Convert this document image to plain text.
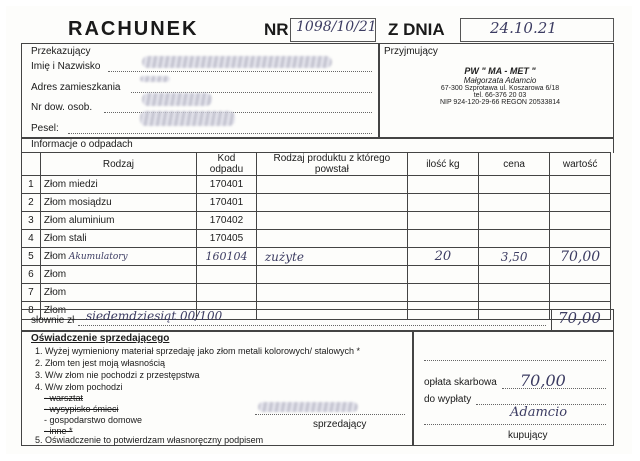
RACHUNEK	NR 1098/10/21 Z DNIA	24.10.21
Przekazujący
Imię i Nazwisko
Adres zamieszkania
Nr dow. osob.
Pesel:
Przyjmujący
PW " MA - MET "
Małgorzata Adamcio
67-300 Szprotawa ul. Koszarowa 6/18
tel. 66-376 20 03
NIP 924-120-29-66 REGON 20533814
Informacje o odpadach
	Rodzaj	Kod odpadu	Rodzaj produktu z którego powstał	ilość kg	cena	wartość
1	Złom miedzi	170401				
2	Złom mosiądzu	170401				
3	Złom aluminium	170402				
4	Złom stali	170405				
5	Złom Akumulatory	160104	zużyte	20	3,50	70,00
6	Złom					
7	Złom					
8	Złom					
słownie zł siedemdziesiąt 00/100	70,00
Oświadczenie sprzedającego
1. Wyżej wymieniony materiał sprzedaję jako złom metali kolorowych/ stalowych *
2. Złom ten jest moją własnością
3. W/w złom nie pochodzi z przestępstwa
4. W/w złom pochodzi
- warsztat
- wysypisko śmieci
- gospodarstwo domowe
- inne *
5. Oświadczenie to potwierdzam własnoręczny podpisem
sprzedający
opłata skarbowa 70,00
do wypłaty
Adamcio
kupujący
